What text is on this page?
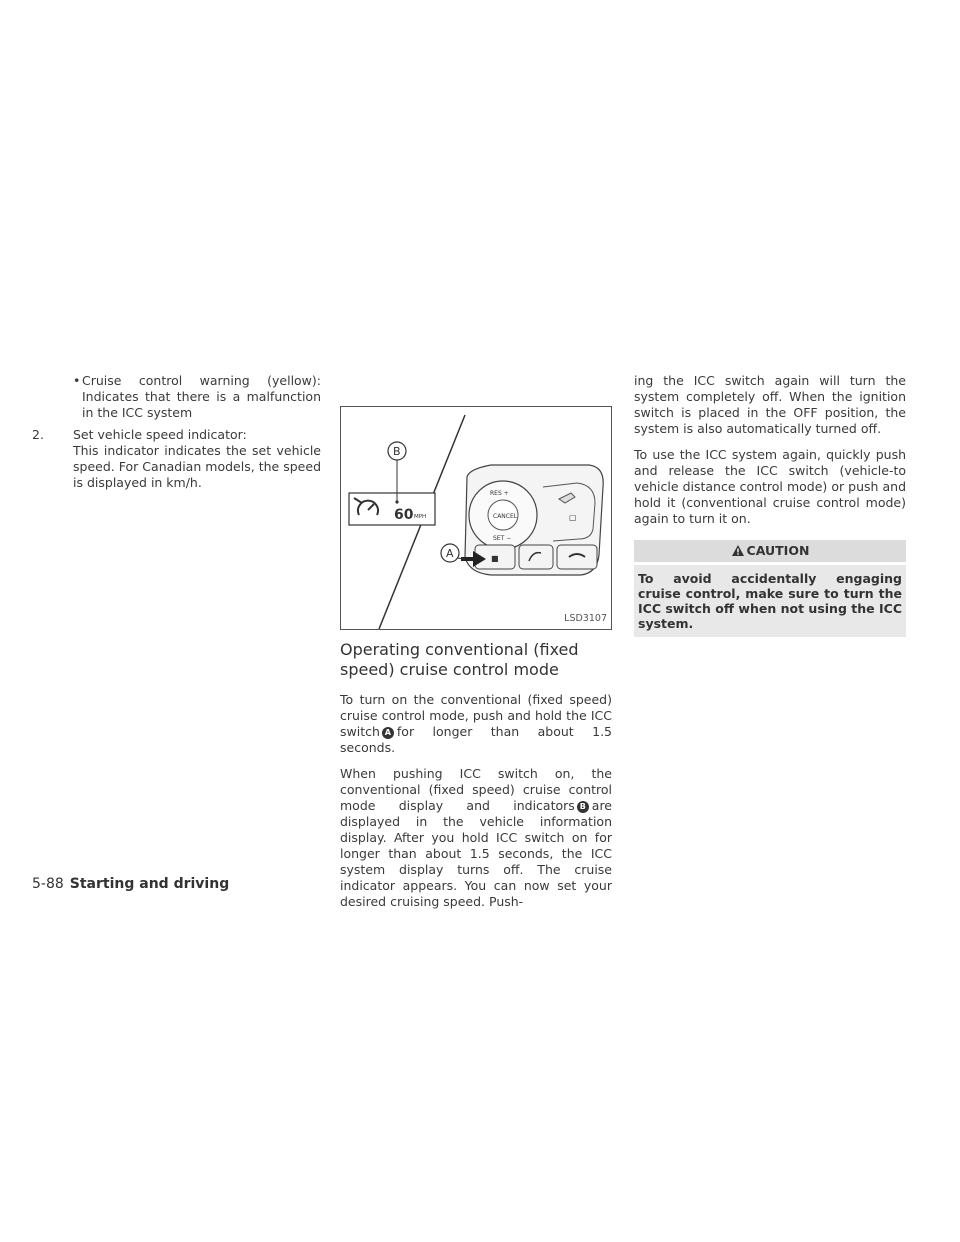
• Cruise control warning (yellow): Indicates that there is a malfunction in the ICC system
2. Set vehicle speed indicator:
This indicator indicates the set vehicle speed. For Canadian models, the speed is displayed in km/h.
RES +
CANCEL
SET −
▢
60 MPH
B
■
A
LSD3107
Operating conventional (fixed speed) cruise control mode

To turn on the conventional (fixed speed) cruise control mode, push and hold the ICC switch A for longer than about 1.5 seconds.

When pushing ICC switch on, the conventional (fixed speed) cruise control mode display and indicators B are displayed in the vehicle information display. After you hold ICC switch on for longer than about 1.5 seconds, the ICC system display turns off. The cruise indicator appears. You can now set your desired cruising speed. Push-

ing the ICC switch again will turn the system completely off. When the ignition switch is placed in the OFF position, the system is also automatically turned off.

To use the ICC system again, quickly push and release the ICC switch (vehicle-to vehicle distance control mode) or push and hold it (conventional cruise control mode) again to turn it on.

CAUTION
To avoid accidentally engaging cruise control, make sure to turn the ICC switch off when not using the ICC system.
5-88 Starting and driving
